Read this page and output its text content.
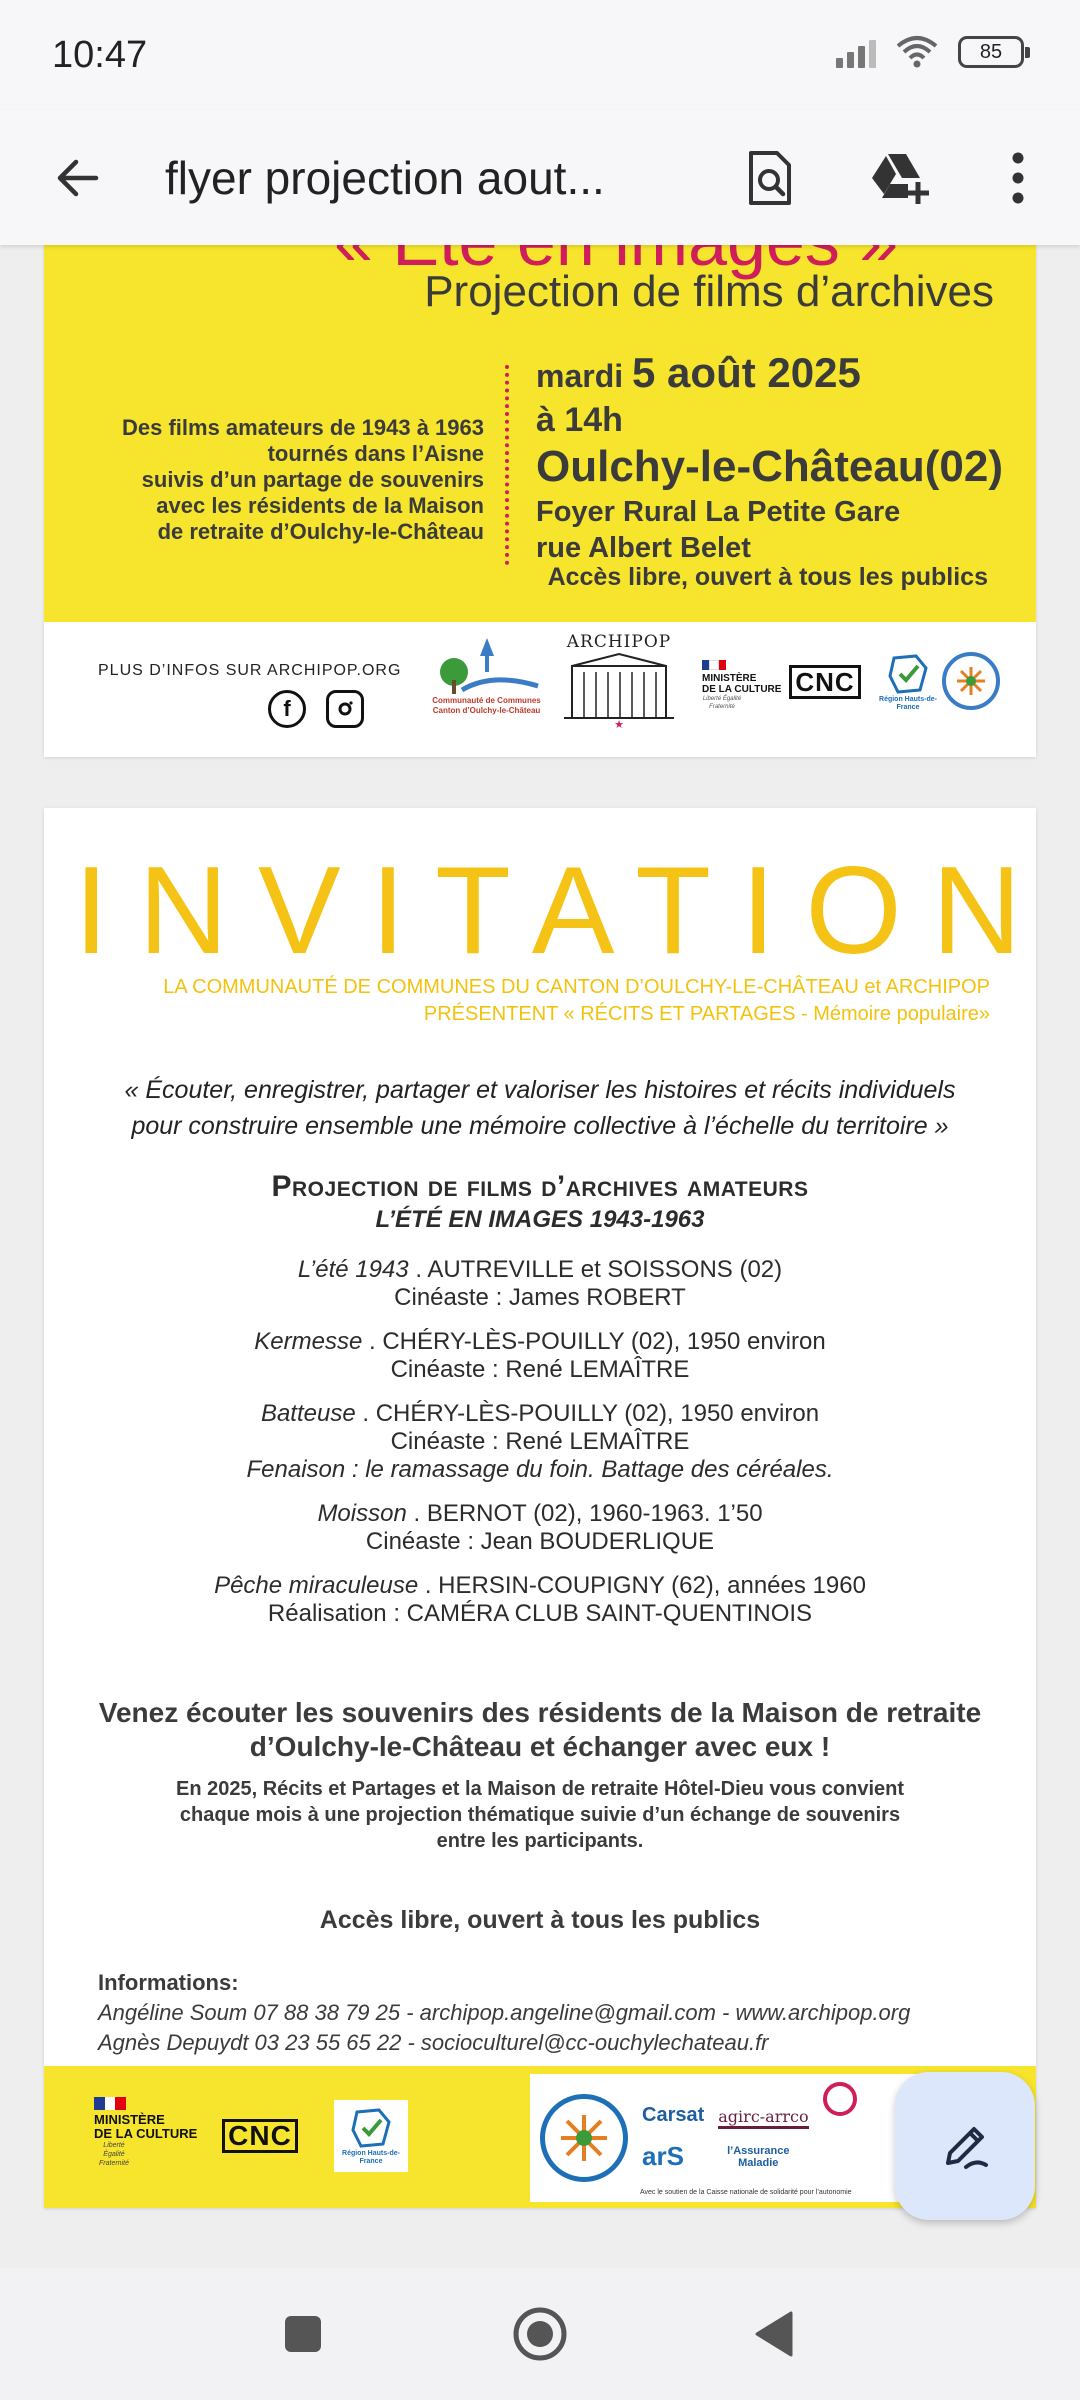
10:47	85
flyer projection aout...
Projection de films d’archives
Des films amateurs de 1943 à 1963
tournés dans l’Aisne
suivis d’un partage de souvenirs
avec les résidents de la Maison
de retraite d’Oulchy-le-Château
mardi 5 août 2025
à 14h
Oulchy-le-Château(02)
Foyer Rural La Petite Gare
rue Albert Belet
Accès libre, ouvert à tous les publics
PLUS D’INFOS SUR ARCHIPOP.ORG
f	Communauté de Communes
Canton d’Oulchy-le-Château
ARCHIPOP
★
MINISTÈRE
DE LA CULTURE
Liberté Égalité Fraternité
CNC
Région Hauts-de-France
INVITATION
LA COMMUNAUTÉ DE COMMUNES DU CANTON D’OULCHY-LE-CHÂTEAU et ARCHIPOP
PRÉSENTENT « RÉCITS ET PARTAGES - Mémoire populaire»
« Écouter, enregistrer, partager et valoriser les histoires et récits individuels
pour construire ensemble une mémoire collective à l’échelle du territoire »
Projection de films d’archives amateurs
L’ÉTÉ EN IMAGES 1943-1963
L’été 1943 . AUTREVILLE et SOISSONS (02)
Cinéaste : James ROBERT
Kermesse . CHÉRY-LÈS-POUILLY (02), 1950 environ
Cinéaste : René LEMAÎTRE
Batteuse . CHÉRY-LÈS-POUILLY (02), 1950 environ
Cinéaste : René LEMAÎTRE
Fenaison : le ramassage du foin. Battage des céréales.
Moisson . BERNOT (02), 1960-1963. 1’50
Cinéaste : Jean BOUDERLIQUE
Pêche miraculeuse . HERSIN-COUPIGNY (62), années 1960
Réalisation : CAMÉRA CLUB SAINT-QUENTINOIS
Venez écouter les souvenirs des résidents de la Maison de retraite
d’Oulchy-le-Château et échanger avec eux !
En 2025, Récits et Partages et la Maison de retraite Hôtel-Dieu vous convient
chaque mois à une projection thématique suivie d’un échange de souvenirs
entre les participants.
Accès libre, ouvert à tous les publics
Informations:
Angéline Soum 07 88 38 79 25 - archipop.angeline@gmail.com - www.archipop.org
Agnès Depuydt 03 23 55 65 22 - socioculturel@cc-ouchylechateau.fr
MINISTÈRE
DE LA CULTURE
Liberté Égalité Fraternité
CNC
Région Hauts-de-France
Carsat
arS
agirc-arrco
l’Assurance Maladie
Avec le soutien de la Caisse nationale de solidarité pour l’autonomie
